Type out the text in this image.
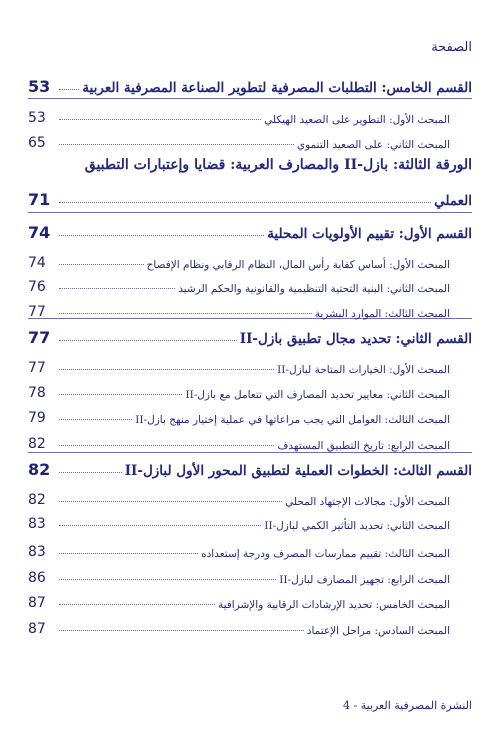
الصفحة
الورقة الثالثة: بازل-II والمصارف العربية: قضايا وإعتبارات التطبيق
القسم الخامس: التطلبات المصرفية لتطوير الصناعة المصرفية العربية
53
المبحث الأول: التطوير على الصعيد الهيكلي
53
المبحث الثاني: على الصعيد التنموي
65
العملي
71
القسم الأول: تقييم الأولويات المحلية
74
المبحث الأول: أساس كفاية رأس المال، النظام الرقابي ونظام الإفصاح
74
المبحث الثاني: البنية التحتية التنظيمية والقانونية والحكم الرشيد
76
المبحث الثالث: الموارد البشرية
77
القسم الثاني: تحديد مجال تطبيق بازل-II
77
المبحث الأول: الخيارات المتاحة لبازل-II
77
المبحث الثاني: معايير تحديد المصارف التي تتعامل مع بازل-II
78
المبحث الثالث: العوامل التي يجب مراعاتها في عملية إختيار منهج بازل-II
79
المبحث الرابع: تاريخ التطبيق المستهدف
82
القسم الثالث: الخطوات العملية لتطبيق المحور الأول لبازل-II
82
المبحث الأول: مجالات الإجتهاد المحلي
82
المبحث الثاني: تحديد التأثير الكمي لبازل-II
83
المبحث الثالث: تقييم ممارسات المصرف ودرجة إستعداده
83
المبحث الرابع: تجهيز المصارف لبازل-II
86
المبحث الخامس: تحديد الإرشادات الرقابية والإشرافية
87
المبحث السادس: مراحل الإعتماد
87
النشرة المصرفية العربية - 4
